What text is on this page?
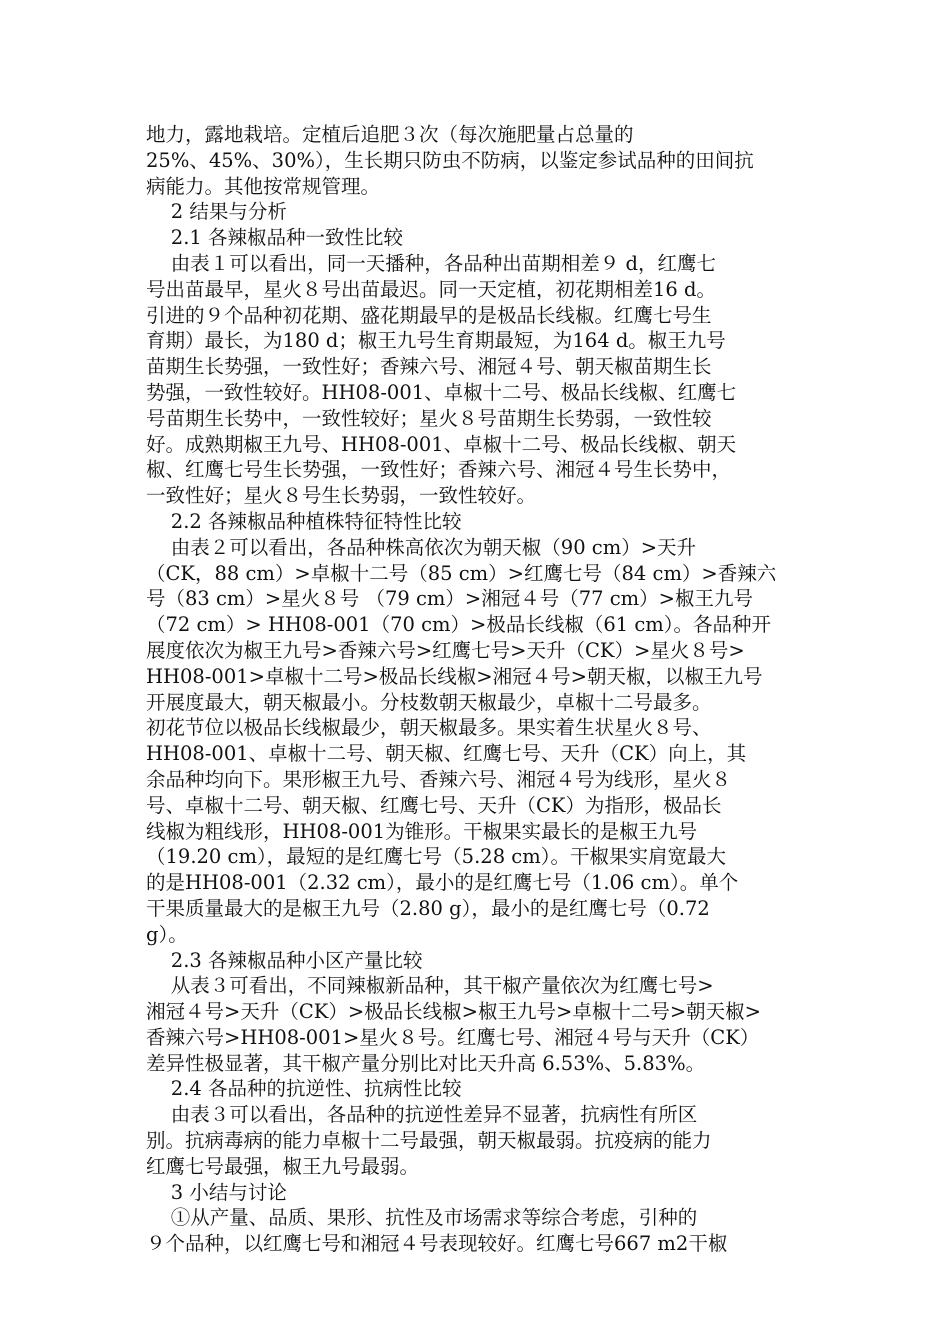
地力，露地栽培。定植后追肥３次（每次施肥量占总量的
25%、45%、30%），生长期只防虫不防病，以鉴定参试品种的田间抗
病能力。其他按常规管理。
2 结果与分析
2.1 各辣椒品种一致性比较
由表１可以看出，同一天播种，各品种出苗期相差９ d，红鹰七
号出苗最早，星火８号出苗最迟。同一天定植，初花期相差16 d。
引进的９个品种初花期、盛花期最早的是极品长线椒。红鹰七号生
育期）最长，为180 d；椒王九号生育期最短，为164 d。椒王九号
苗期生长势强，一致性好；香辣六号、湘冠４号、朝天椒苗期生长
势强，一致性较好。HH08-001、卓椒十二号、极品长线椒、红鹰七
号苗期生长势中，一致性较好；星火８号苗期生长势弱，一致性较
好。成熟期椒王九号、HH08-001、卓椒十二号、极品长线椒、朝天
椒、红鹰七号生长势强，一致性好；香辣六号、湘冠４号生长势中，
一致性好；星火８号生长势弱，一致性较好。
2.2 各辣椒品种植株特征特性比较
由表２可以看出，各品种株高依次为朝天椒（90 cm）>天升
（CK，88 cm）>卓椒十二号（85 cm）>红鹰七号（84 cm）>香辣六
号（83 cm）>星火８号 （79 cm）>湘冠４号（77 cm）>椒王九号
（72 cm）> HH08-001（70 cm）>极品长线椒（61 cm）。各品种开
展度依次为椒王九号>香辣六号>红鹰七号>天升（CK）>星火８号>
HH08-001>卓椒十二号>极品长线椒>湘冠４号>朝天椒，以椒王九号
开展度最大，朝天椒最小。分枝数朝天椒最少，卓椒十二号最多。
初花节位以极品长线椒最少，朝天椒最多。果实着生状星火８号、
HH08-001、卓椒十二号、朝天椒、红鹰七号、天升（CK）向上，其
余品种均向下。果形椒王九号、香辣六号、湘冠４号为线形，星火８
号、卓椒十二号、朝天椒、红鹰七号、天升（CK）为指形，极品长
线椒为粗线形，HH08-001为锥形。干椒果实最长的是椒王九号
（19.20 cm），最短的是红鹰七号（5.28 cm）。干椒果实肩宽最大
的是HH08-001（2.32 cm），最小的是红鹰七号（1.06 cm）。单个
干果质量最大的是椒王九号（2.80 g），最小的是红鹰七号（0.72
g）。
2.3 各辣椒品种小区产量比较
从表３可看出，不同辣椒新品种，其干椒产量依次为红鹰七号>
湘冠４号>天升（CK）>极品长线椒>椒王九号>卓椒十二号>朝天椒>
香辣六号>HH08-001>星火８号。红鹰七号、湘冠４号与天升（CK）
差异性极显著，其干椒产量分别比对比天升高 6.53%、5.83%。
2.4 各品种的抗逆性、抗病性比较
由表３可以看出，各品种的抗逆性差异不显著，抗病性有所区
别。抗病毒病的能力卓椒十二号最强，朝天椒最弱。抗疫病的能力
红鹰七号最强，椒王九号最弱。
3 小结与讨论
①从产量、品质、果形、抗性及市场需求等综合考虑，引种的
９个品种，以红鹰七号和湘冠４号表现较好。红鹰七号667 m2干椒
